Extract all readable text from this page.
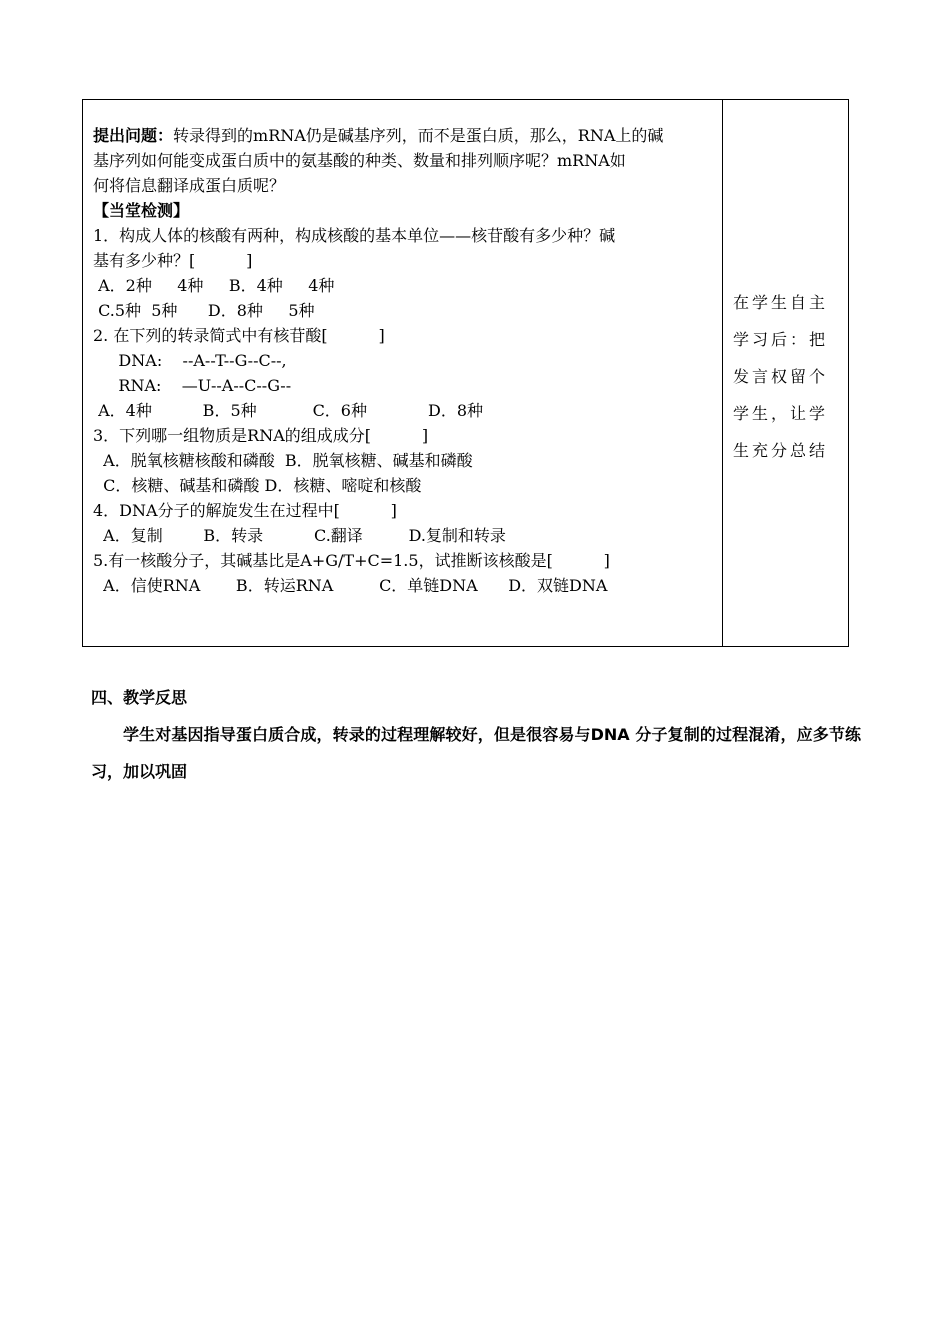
提出问题：转录得到的mRNA仍是碱基序列，而不是蛋白质，那么，RNA上的碱
基序列如何能变成蛋白质中的氨基酸的种类、数量和排列顺序呢？mRNA如
何将信息翻译成蛋白质呢？
【当堂检测】
1．构成人体的核酸有两种，构成核酸的基本单位——核苷酸有多少种？碱
基有多少种？[          ]
A．2种     4种     B．4种     4种
C.5种  5种      D．8种     5种
2. 在下列的转录简式中有核苷酸[          ]
DNA:    --A--T--G--C--,
RNA:    —U--A--C--G--
A．4种          B．5种           C．6种            D．8种
3．下列哪一组物质是RNA的组成成分[          ]
A．脱氧核糖核酸和磷酸  B．脱氧核糖、碱基和磷酸
C．核糖、碱基和磷酸 D．核糖、嘧啶和核酸
4．DNA分子的解旋发生在过程中[          ]
A．复制        B．转录          C.翻译         D.复制和转录
5.有一核酸分子，其碱基比是A+G/T+C=1.5，试推断该核酸是[          ]
A．信使RNA       B．转运RNA         C．单链DNA      D．双链DNA
在学生自主学习后：把发言权留个学生，让学生充分总结
四、教学反思
学生对基因指导蛋白质合成，转录的过程理解较好，但是很容易与DNA 分子复制的过程混淆，应多节练习，加以巩固
